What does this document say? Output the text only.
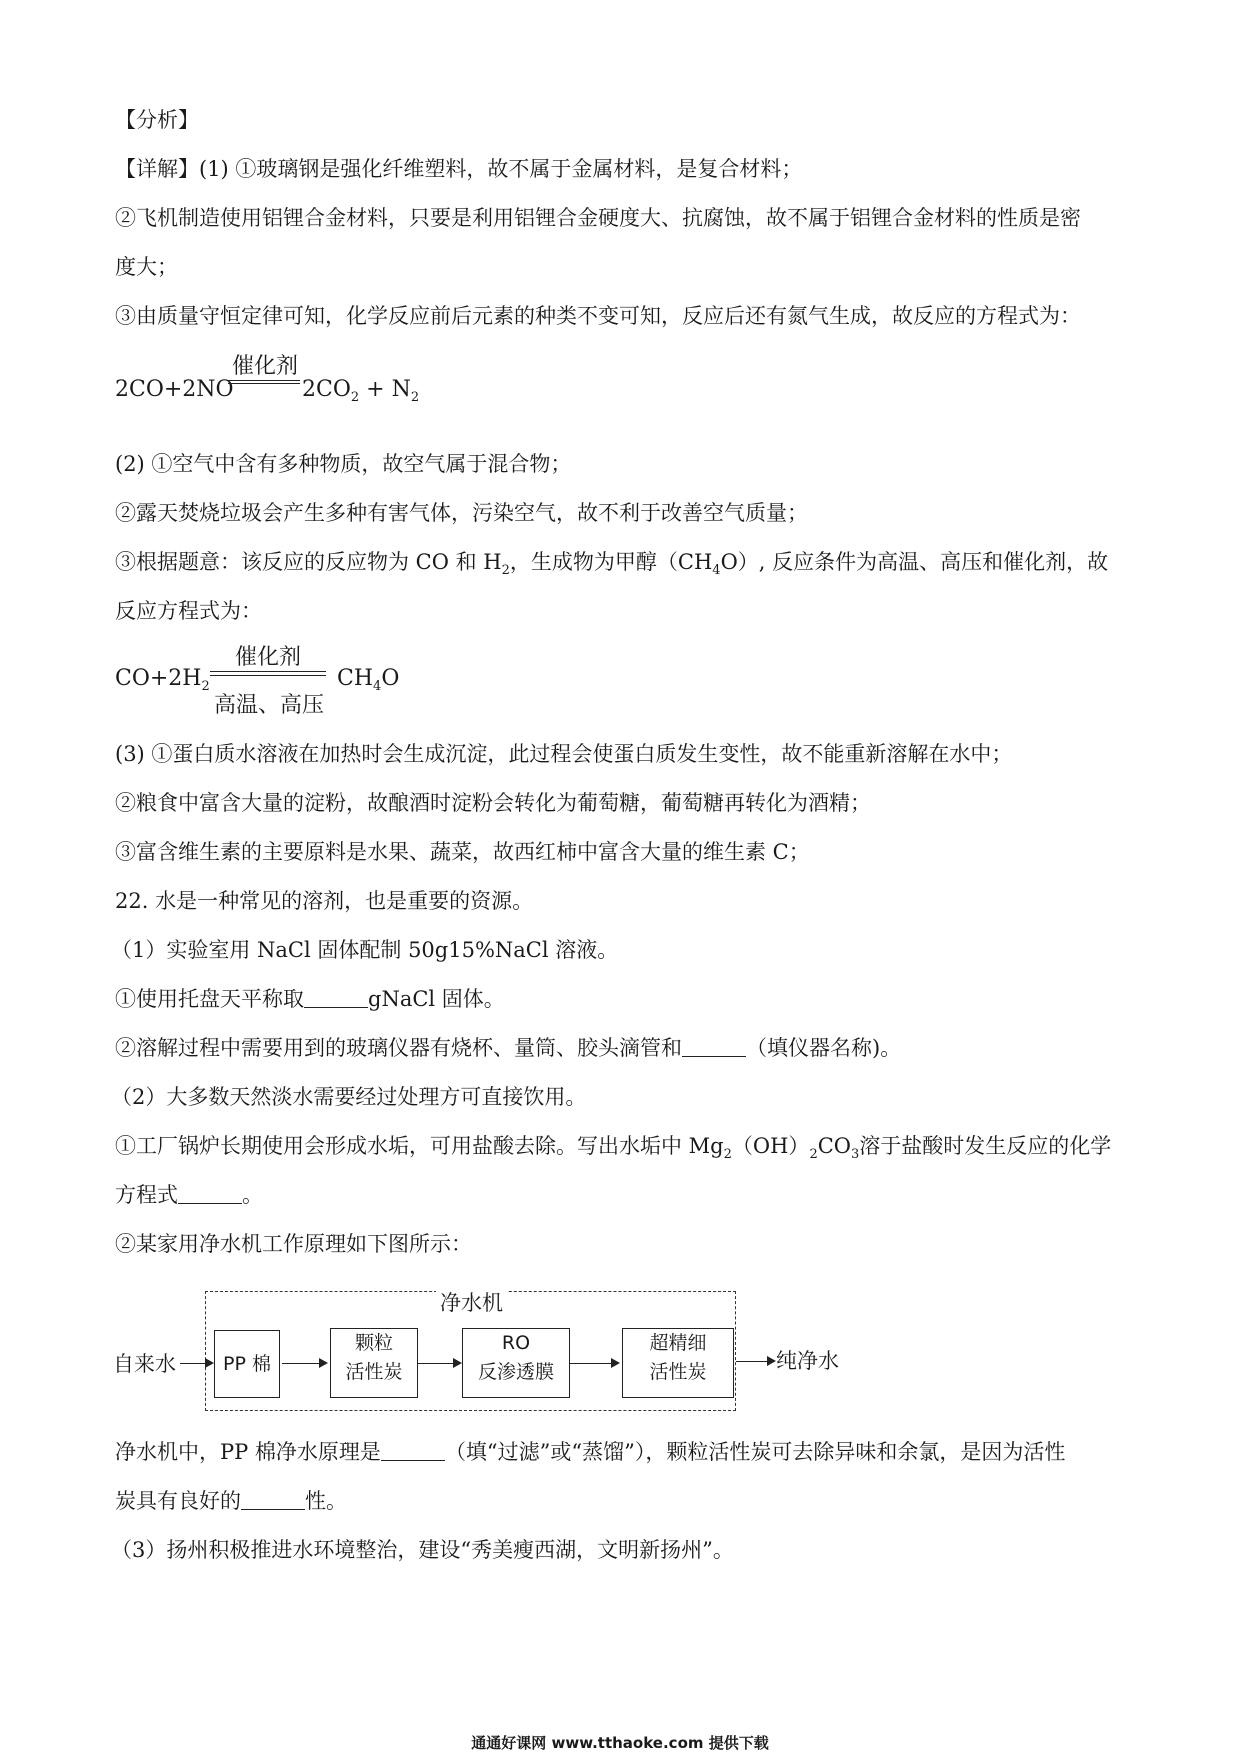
【分析】
【详解】(1) ①玻璃钢是强化纤维塑料，故不属于金属材料，是复合材料；
②飞机制造使用铝锂合金材料，只要是利用铝锂合金硬度大、抗腐蚀，故不属于铝锂合金材料的性质是密
度大；
③由质量守恒定律可知，化学反应前后元素的种类不变可知，反应后还有氮气生成，故反应的方程式为：
催化剂
2CO+2NO	$2CO_2 + N_2$
(2) ①空气中含有多种物质，故空气属于混合物；
②露天焚烧垃圾会产生多种有害气体，污染空气，故不利于改善空气质量；
③根据题意：该反应的反应物为 CO 和 $H_2$，生成物为甲醇$(CH_4O)$, 反应条件为高温、高压和催化剂，故
反应方程式为：
$CO+2H_2$
催化剂
高温、高压
$CH_4O$
(3) ①蛋白质水溶液在加热时会生成沉淀，此过程会使蛋白质发生变性，故不能重新溶解在水中；
②粮食中富含大量的淀粉，故酿酒时淀粉会转化为葡萄糖，葡萄糖再转化为酒精；
③富含维生素的主要原料是水果、蔬菜，故西红柿中富含大量的维生素 C；
22. 水是一种常见的溶剂，也是重要的资源。
（1）实验室用 NaCl 固体配制 50g15%NaCl 溶液。
①使用托盘天平称取	gNaCl 固体。
②溶解过程中需要用到的玻璃仪器有烧杯、量筒、胶头滴管和	（填仪器名称)。
（2）大多数天然淡水需要经过处理方可直接饮用。
①工厂锅炉长期使用会形成水垢，可用盐酸去除。写出水垢中 $Mg_2(OH)_2CO_3$溶于盐酸时发生反应的化学
方程式	。
②某家用净水机工作原理如下图所示：
净水机
自来水	PP 棉
颗粒
活性炭
RO
反渗透膜
超精细
活性炭	纯净水
净水机中，PP 棉净水原理是	（填“过滤”或“蒸馏”），颗粒活性炭可去除异味和余氯，是因为活性
炭具有良好的	性。
（3）扬州积极推进水环境整治，建设“秀美瘦西湖，文明新扬州”。
通通好课网 www.tthaoke.com 提供下载
